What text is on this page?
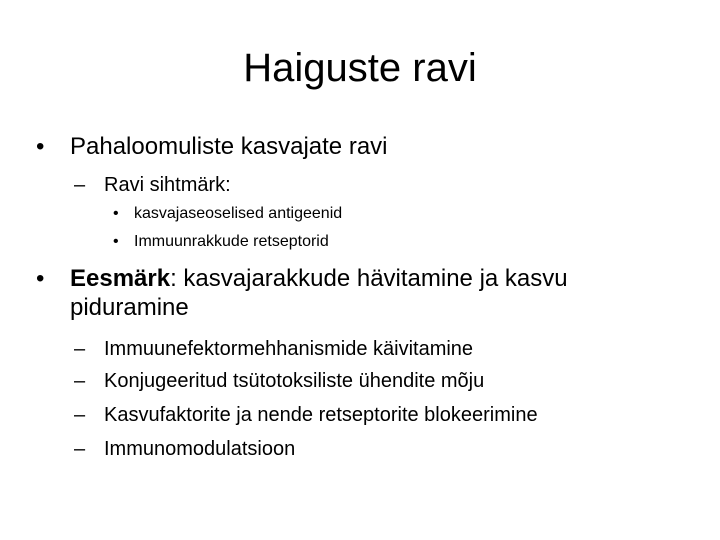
Haiguste ravi
• Pahaloomuliste kasvajate ravi
– Ravi sihtmärk:
• kasvajaseoselised antigeenid
• Immuunrakkude retseptorid
• Eesmärk: kasvajarakkude hävitamine ja kasvu
piduramine
– Immuunefektormehhanismide käivitamine
– Konjugeeritud tsütotoksiliste ühendite mõju
– Kasvufaktorite ja nende retseptorite blokeerimine
– Immunomodulatsioon
